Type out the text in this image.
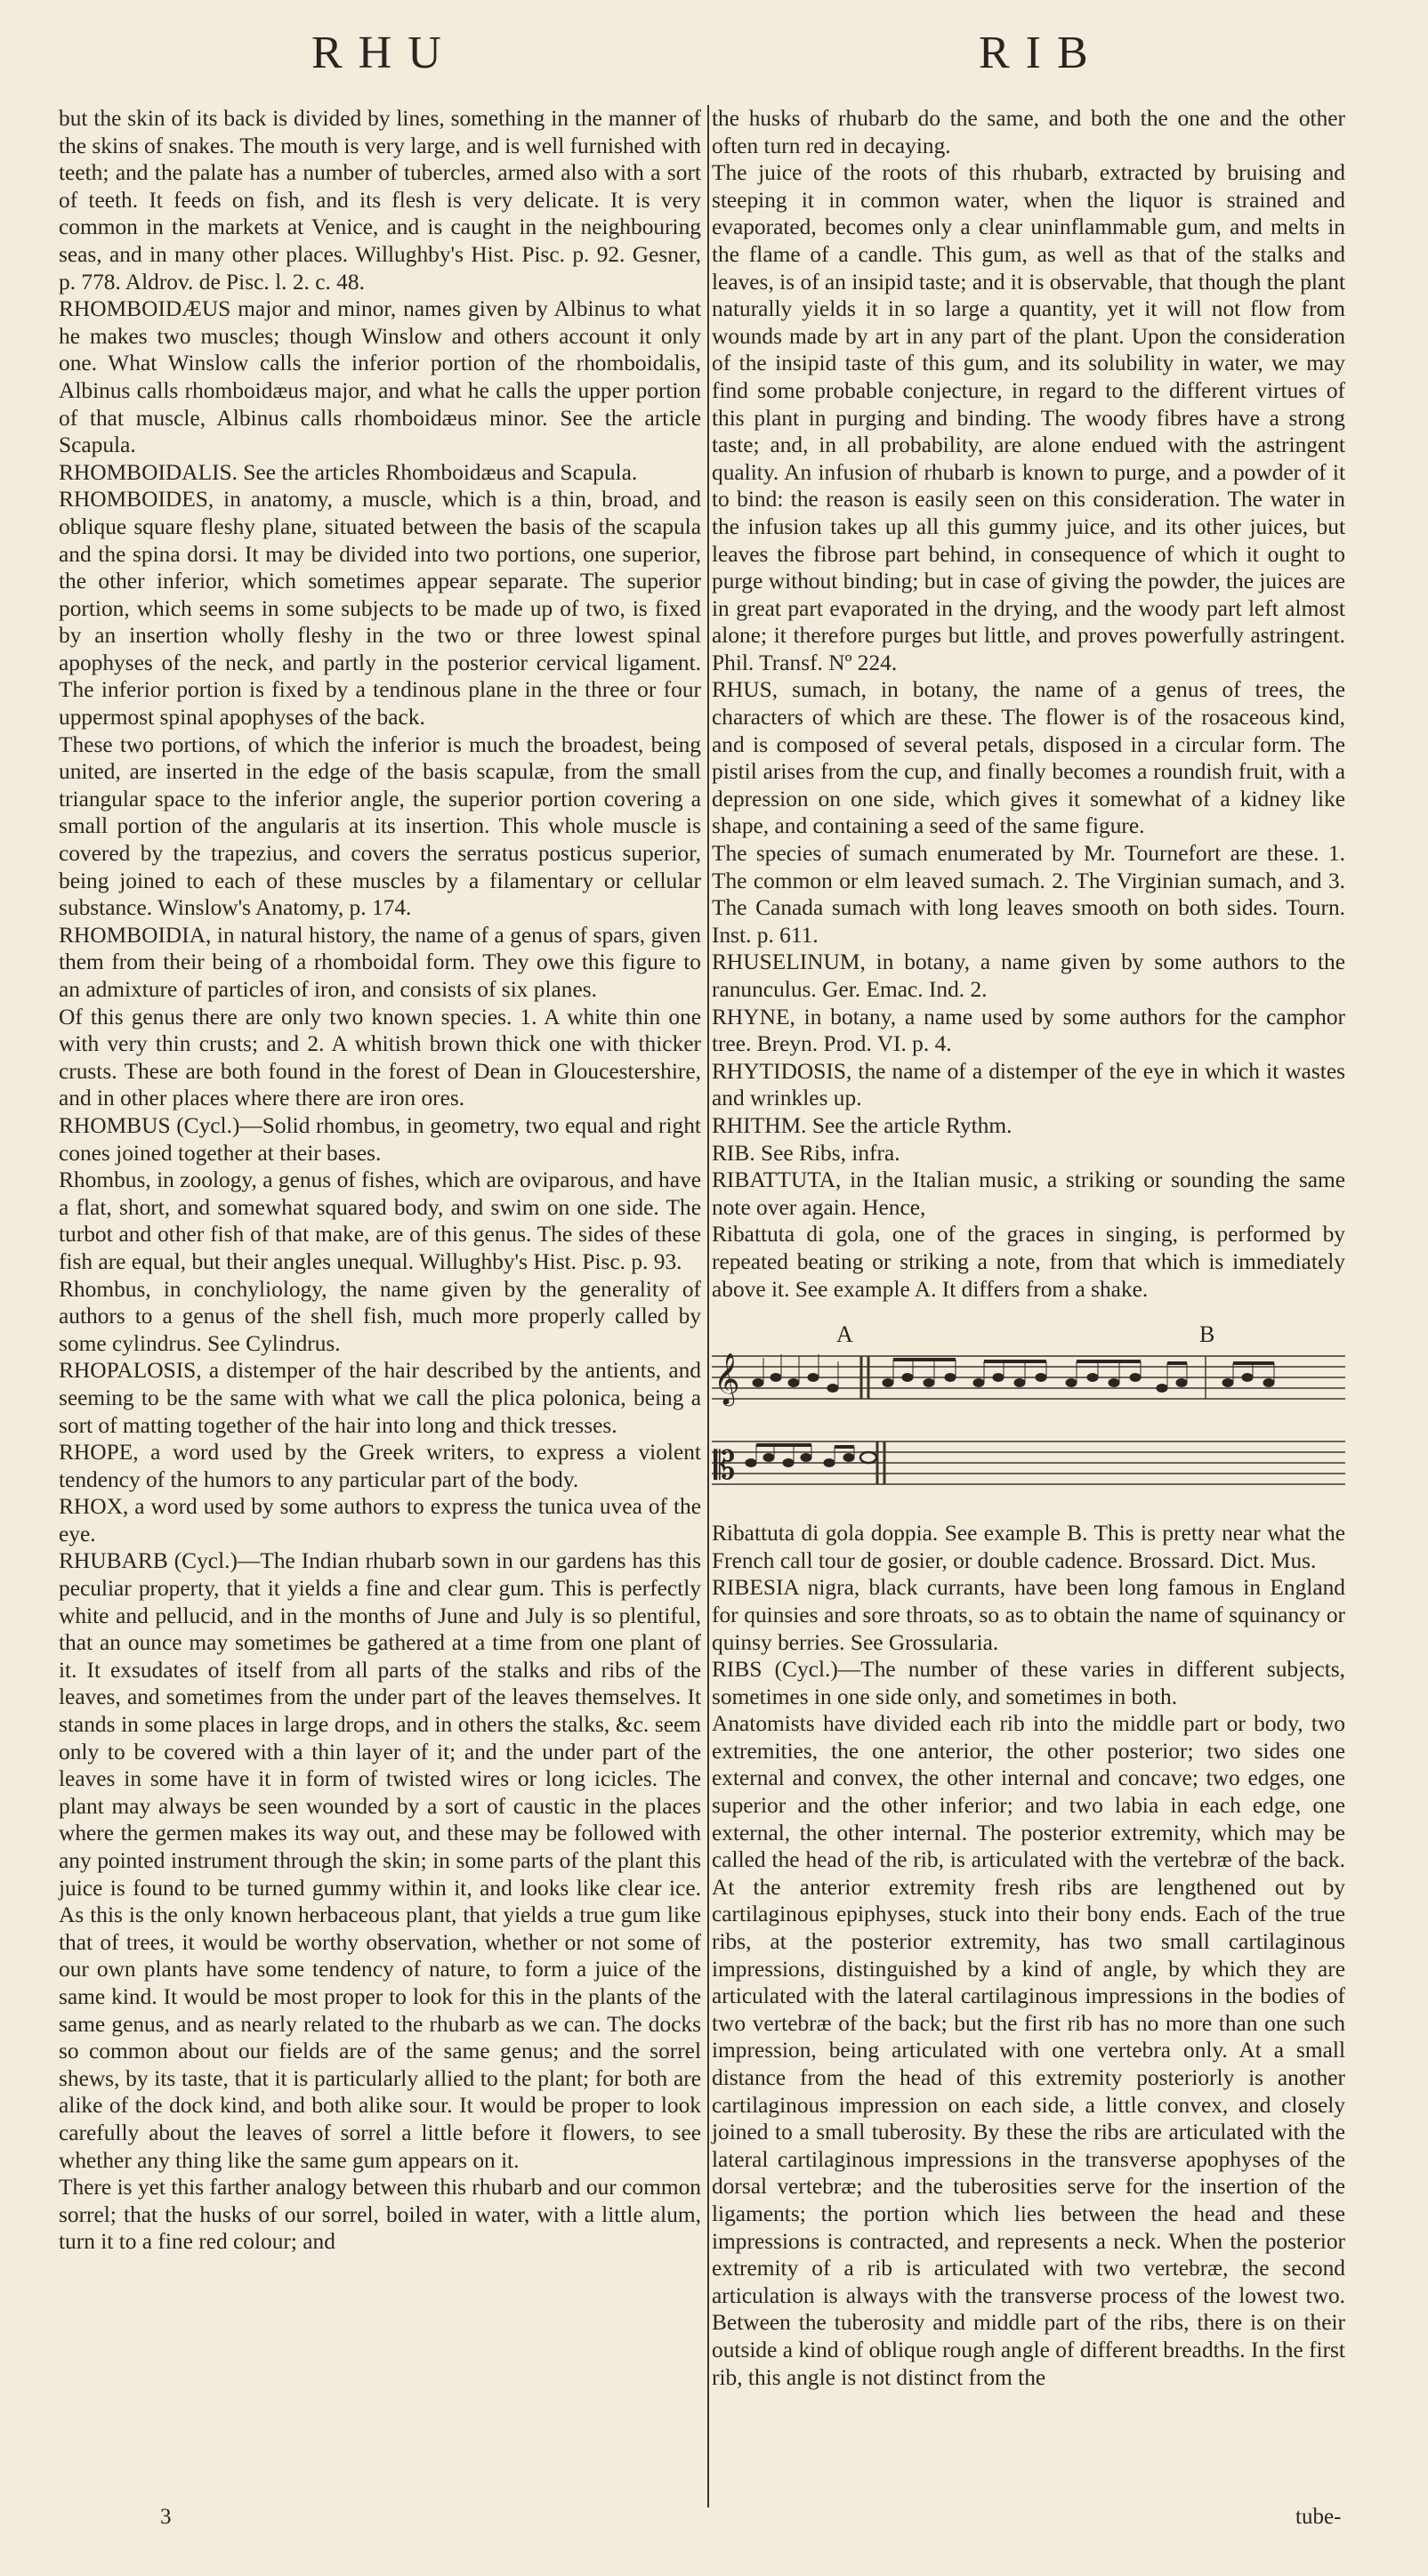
RHU	RIB

but the skin of its back is divided by lines, something in the manner of the skins of snakes. The mouth is very large, and is well furnished with teeth; and the palate has a number of tubercles, armed also with a sort of teeth. It feeds on fish, and its flesh is very delicate. It is very common in the markets at Venice, and is caught in the neighbouring seas, and in many other places. Willughby's Hist. Pisc. p. 92. Gesner, p. 778. Aldrov. de Pisc. l. 2. c. 48.

RHOMBOIDÆUS major and minor, names given by Albinus to what he makes two muscles; though Winslow and others account it only one. What Winslow calls the inferior portion of the rhomboidalis, Albinus calls rhomboidæus major, and what he calls the upper portion of that muscle, Albinus calls rhomboidæus minor. See the article Scapula.

RHOMBOIDALIS. See the articles Rhomboidæus and Scapula.

RHOMBOIDES, in anatomy, a muscle, which is a thin, broad, and oblique square fleshy plane, situated between the basis of the scapula and the spina dorsi. It may be divided into two portions, one superior, the other inferior, which sometimes appear separate. The superior portion, which seems in some subjects to be made up of two, is fixed by an insertion wholly fleshy in the two or three lowest spinal apophyses of the neck, and partly in the posterior cervical ligament. The inferior portion is fixed by a tendinous plane in the three or four uppermost spinal apophyses of the back.

These two portions, of which the inferior is much the broadest, being united, are inserted in the edge of the basis scapulæ, from the small triangular space to the inferior angle, the superior portion covering a small portion of the angularis at its insertion. This whole muscle is covered by the trapezius, and covers the serratus posticus superior, being joined to each of these muscles by a filamentary or cellular substance. Winslow's Anatomy, p. 174.

RHOMBOIDIA, in natural history, the name of a genus of spars, given them from their being of a rhomboidal form. They owe this figure to an admixture of particles of iron, and consists of six planes.

Of this genus there are only two known species. 1. A white thin one with very thin crusts; and 2. A whitish brown thick one with thicker crusts. These are both found in the forest of Dean in Gloucestershire, and in other places where there are iron ores.

RHOMBUS (Cycl.)—Solid rhombus, in geometry, two equal and right cones joined together at their bases.

Rhombus, in zoology, a genus of fishes, which are oviparous, and have a flat, short, and somewhat squared body, and swim on one side. The turbot and other fish of that make, are of this genus. The sides of these fish are equal, but their angles unequal. Willughby's Hist. Pisc. p. 93.

Rhombus, in conchyliology, the name given by the generality of authors to a genus of the shell fish, much more properly called by some cylindrus. See Cylindrus.

RHOPALOSIS, a distemper of the hair described by the antients, and seeming to be the same with what we call the plica polonica, being a sort of matting together of the hair into long and thick tresses.

RHOPE, a word used by the Greek writers, to express a violent tendency of the humors to any particular part of the body.

RHOX, a word used by some authors to express the tunica uvea of the eye.

RHUBARB (Cycl.)—The Indian rhubarb sown in our gardens has this peculiar property, that it yields a fine and clear gum. This is perfectly white and pellucid, and in the months of June and July is so plentiful, that an ounce may sometimes be gathered at a time from one plant of it. It exsudates of itself from all parts of the stalks and ribs of the leaves, and sometimes from the under part of the leaves themselves. It stands in some places in large drops, and in others the stalks, &c. seem only to be covered with a thin layer of it; and the under part of the leaves in some have it in form of twisted wires or long icicles. The plant may always be seen wounded by a sort of caustic in the places where the germen makes its way out, and these may be followed with any pointed instrument through the skin; in some parts of the plant this juice is found to be turned gummy within it, and looks like clear ice. As this is the only known herbaceous plant, that yields a true gum like that of trees, it would be worthy observation, whether or not some of our own plants have some tendency of nature, to form a juice of the same kind. It would be most proper to look for this in the plants of the same genus, and as nearly related to the rhubarb as we can. The docks so common about our fields are of the same genus; and the sorrel shews, by its taste, that it is particularly allied to the plant; for both are alike of the dock kind, and both alike sour. It would be proper to look carefully about the leaves of sorrel a little before it flowers, to see whether any thing like the same gum appears on it.

There is yet this farther analogy between this rhubarb and our common sorrel; that the husks of our sorrel, boiled in water, with a little alum, turn it to a fine red colour; and

the husks of rhubarb do the same, and both the one and the other often turn red in decaying.

The juice of the roots of this rhubarb, extracted by bruising and steeping it in common water, when the liquor is strained and evaporated, becomes only a clear uninflammable gum, and melts in the flame of a candle. This gum, as well as that of the stalks and leaves, is of an insipid taste; and it is observable, that though the plant naturally yields it in so large a quantity, yet it will not flow from wounds made by art in any part of the plant. Upon the consideration of the insipid taste of this gum, and its solubility in water, we may find some probable conjecture, in regard to the different virtues of this plant in purging and binding. The woody fibres have a strong taste; and, in all probability, are alone endued with the astringent quality. An infusion of rhubarb is known to purge, and a powder of it to bind: the reason is easily seen on this consideration. The water in the infusion takes up all this gummy juice, and its other juices, but leaves the fibrose part behind, in consequence of which it ought to purge without binding; but in case of giving the powder, the juices are in great part evaporated in the drying, and the woody part left almost alone; it therefore purges but little, and proves powerfully astringent. Phil. Transf. Nº 224.

RHUS, sumach, in botany, the name of a genus of trees, the characters of which are these. The flower is of the rosaceous kind, and is composed of several petals, disposed in a circular form. The pistil arises from the cup, and finally becomes a roundish fruit, with a depression on one side, which gives it somewhat of a kidney like shape, and containing a seed of the same figure.

The species of sumach enumerated by Mr. Tournefort are these. 1. The common or elm leaved sumach. 2. The Virginian sumach, and 3. The Canada sumach with long leaves smooth on both sides. Tourn. Inst. p. 611.

RHUSELINUM, in botany, a name given by some authors to the ranunculus. Ger. Emac. Ind. 2.

RHYNE, in botany, a name used by some authors for the camphor tree. Breyn. Prod. VI. p. 4.

RHYTIDOSIS, the name of a distemper of the eye in which it wastes and wrinkles up.

RHITHM. See the article Rythm.

RIB. See Ribs, infra.

RIBATTUTA, in the Italian music, a striking or sounding the same note over again. Hence,

Ribattuta di gola, one of the graces in singing, is performed by repeated beating or striking a note, from that which is immediately above it. See example A. It differs from a shake.

A	B
𝄞
𝄡

Ribattuta di gola doppia. See example B. This is pretty near what the French call tour de gosier, or double cadence. Brossard. Dict. Mus.

RIBESIA nigra, black currants, have been long famous in England for quinsies and sore throats, so as to obtain the name of squinancy or quinsy berries. See Grossularia.

RIBS (Cycl.)—The number of these varies in different subjects, sometimes in one side only, and sometimes in both.

Anatomists have divided each rib into the middle part or body, two extremities, the one anterior, the other posterior; two sides one external and convex, the other internal and concave; two edges, one superior and the other inferior; and two labia in each edge, one external, the other internal. The posterior extremity, which may be called the head of the rib, is articulated with the vertebræ of the back. At the anterior extremity fresh ribs are lengthened out by cartilaginous epiphyses, stuck into their bony ends. Each of the true ribs, at the posterior extremity, has two small cartilaginous impressions, distinguished by a kind of angle, by which they are articulated with the lateral cartilaginous impressions in the bodies of two vertebræ of the back; but the first rib has no more than one such impression, being articulated with one vertebra only. At a small distance from the head of this extremity posteriorly is another cartilaginous impression on each side, a little convex, and closely joined to a small tuberosity. By these the ribs are articulated with the lateral cartilaginous impressions in the transverse apophyses of the dorsal vertebræ; and the tuberosities serve for the insertion of the ligaments; the portion which lies between the head and these impressions is contracted, and represents a neck. When the posterior extremity of a rib is articulated with two vertebræ, the second articulation is always with the transverse process of the lowest two. Between the tuberosity and middle part of the ribs, there is on their outside a kind of oblique rough angle of different breadths. In the first rib, this angle is not distinct from the

3	tube-
